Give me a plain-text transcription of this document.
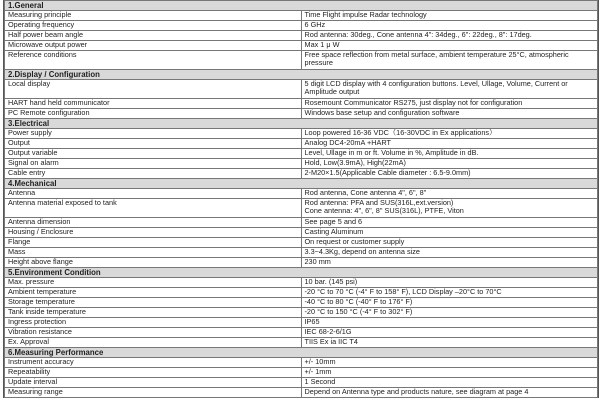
1.General	
Measuring principle	Time Flight impulse Radar technology

Operating frequency	6 GHz

Half power beam angle	Rod antenna: 30deg., Cone antenna 4": 34deg., 6": 22deg., 8": 17deg.

Microwave output power	Max 1 μ W

Reference conditions	Free space reflection from metal surface, ambient temperature 25°C, atmospheric
pressure

2.Display / Configuration	
Local display	5 digit LCD display with 4 configuration buttons. Level, Ullage, Volume, Current or
Amplitude output

HART hand held communicator	Rosemount Communicator RS275, just display not for configuration

PC Remote configuration	Windows base setup and configuration software

3.Electrical	
Power supply	Loop powered 16-36 VDC（16-30VDC in Ex applications）

Output	Analog DC4-20mA +HART

Output variable	Level, Ullage in m or ft. Volume in %, Amplitude in dB.

Signal on alarm	Hold, Low(3.9mA), High(22mA)

Cable entry	2-M20×1.5(Applicable Cable diameter : 6.5-9.0mm)

4.Mechanical	
Antenna	Rod antenna, Cone antenna 4", 6", 8"

Antenna material exposed to tank	Rod antenna: PFA and SUS(316L,ext.version)
Cone antenna: 4", 6", 8" SUS(316L), PTFE, Viton

Antenna dimension	See page 5 and 6

Housing / Enclosure	Casting Aluminum

Flange	On request or customer supply

Mass	3.3~4.3Kg, depend on antenna size

Height above flange	230 mm

5.Environment Condition	
Max. pressure	10 bar. (145 psi)

Ambient temperature	-20 °C to 70 °C (-4° F to 158° F), LCD Display –20°C to 70°C

Storage temperature	-40 °C to 80 °C (-40° F to 176° F)

Tank inside temperature	-20 °C to 150 °C (-4° F to 302° F)

Ingress protection	IP65

Vibration resistance	IEC 68-2-6/1G

Ex. Approval	TIIS Ex ia IIC T4

6.Measuring Performance	
Instrument accuracy	+/- 10mm

Repeatability	+/- 1mm

Update interval	1 Second

Measuring range	Depend on Antenna type and products nature, see diagram at page 4
